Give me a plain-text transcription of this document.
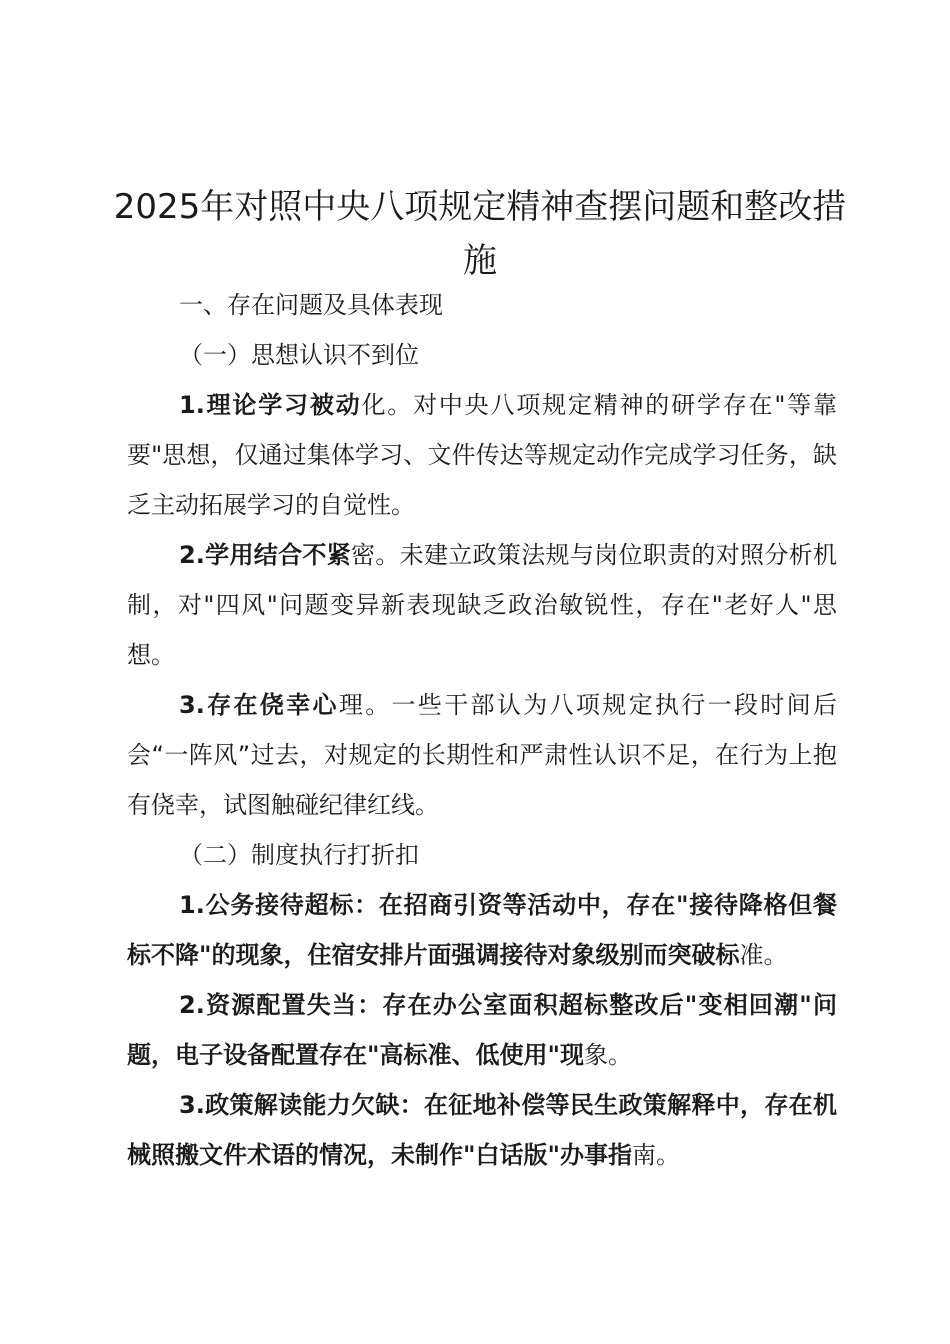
2025年对照中央八项规定精神查摆问题和整改措施

一、存在问题及具体表现

（一）思想认识不到位

1.理论学习被动化。对中央八项规定精神的研学存在"等靠要"思想，仅通过集体学习、文件传达等规定动作完成学习任务，缺乏主动拓展学习的自觉性。

2.学用结合不紧密。未建立政策法规与岗位职责的对照分析机制，对"四风"问题变异新表现缺乏政治敏锐性，存在"老好人"思想。

3.存在侥幸心理。一些干部认为八项规定执行一段时间后会“一阵风”过去，对规定的长期性和严肃性认识不足，在行为上抱有侥幸，试图触碰纪律红线。

（二）制度执行打折扣

1.公务接待超标：在招商引资等活动中，存在"接待降格但餐标不降"的现象，住宿安排片面强调接待对象级别而突破标准。

2.资源配置失当：存在办公室面积超标整改后"变相回潮"问题，电子设备配置存在"高标准、低使用"现象。

3.政策解读能力欠缺：在征地补偿等民生政策解释中，存在机械照搬文件术语的情况，未制作"白话版"办事指南。
